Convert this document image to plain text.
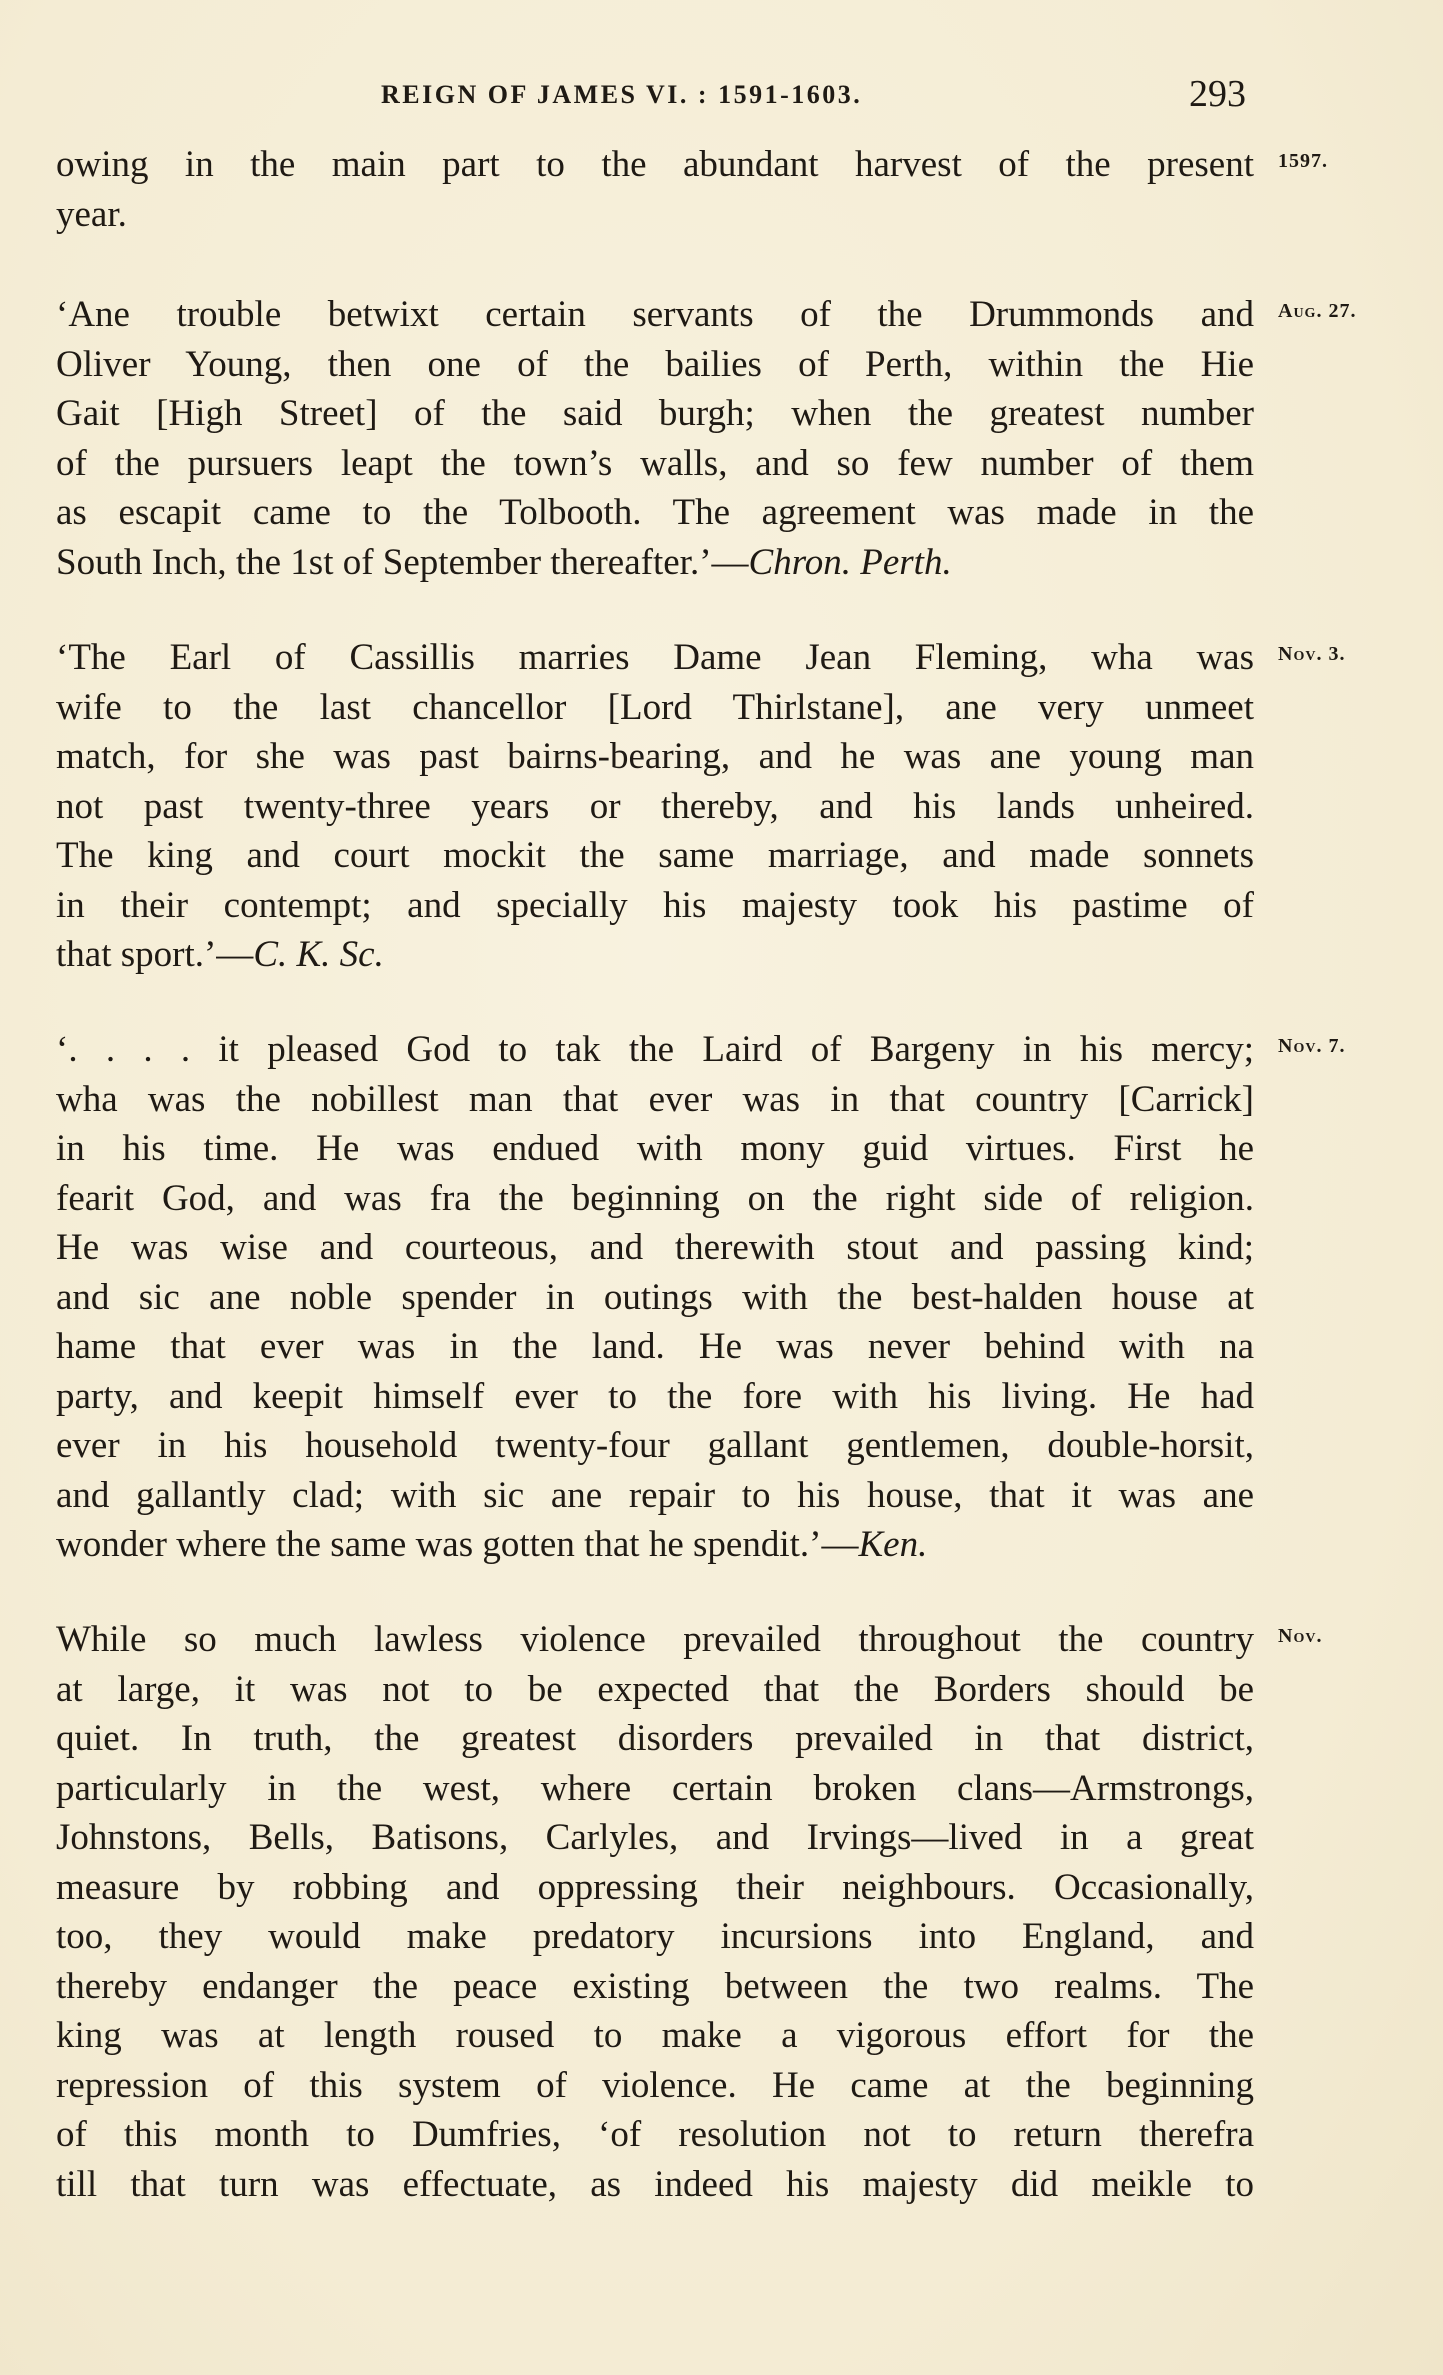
REIGN OF JAMES VI. : 1591-1603.	293
owing in the main part to the abundant harvest of the present
year.
1597.
‘Ane trouble betwixt certain servants of the Drummonds and
Oliver Young, then one of the bailies of Perth, within the Hie
Gait [High Street] of the said burgh; when the greatest number
of the pursuers leapt the town’s walls, and so few number of them
as escapit came to the Tolbooth. The agreement was made in the
South Inch, the 1st of September thereafter.’—Chron. Perth.
Aug. 27.
‘The Earl of Cassillis marries Dame Jean Fleming, wha was
wife to the last chancellor [Lord Thirlstane], ane very unmeet
match, for she was past bairns-bearing, and he was ane young man
not past twenty-three years or thereby, and his lands unheired.
The king and court mockit the same marriage, and made sonnets
in their contempt; and specially his majesty took his pastime of
that sport.’—C. K. Sc.
Nov. 3.
‘. . . . it pleased God to tak the Laird of Bargeny in his mercy;
wha was the nobillest man that ever was in that country [Carrick]
in his time. He was endued with mony guid virtues. First he
fearit God, and was fra the beginning on the right side of religion.
He was wise and courteous, and therewith stout and passing kind;
and sic ane noble spender in outings with the best-halden house at
hame that ever was in the land. He was never behind with na
party, and keepit himself ever to the fore with his living. He had
ever in his household twenty-four gallant gentlemen, double-horsit,
and gallantly clad; with sic ane repair to his house, that it was ane
wonder where the same was gotten that he spendit.’—Ken.
Nov. 7.
While so much lawless violence prevailed throughout the country
at large, it was not to be expected that the Borders should be
quiet. In truth, the greatest disorders prevailed in that district,
particularly in the west, where certain broken clans—Armstrongs,
Johnstons, Bells, Batisons, Carlyles, and Irvings—lived in a great
measure by robbing and oppressing their neighbours. Occasionally,
too, they would make predatory incursions into England, and
thereby endanger the peace existing between the two realms. The
king was at length roused to make a vigorous effort for the
repression of this system of violence. He came at the beginning
of this month to Dumfries, ‘of resolution not to return therefra
till that turn was effectuate, as indeed his majesty did meikle to
Nov.
